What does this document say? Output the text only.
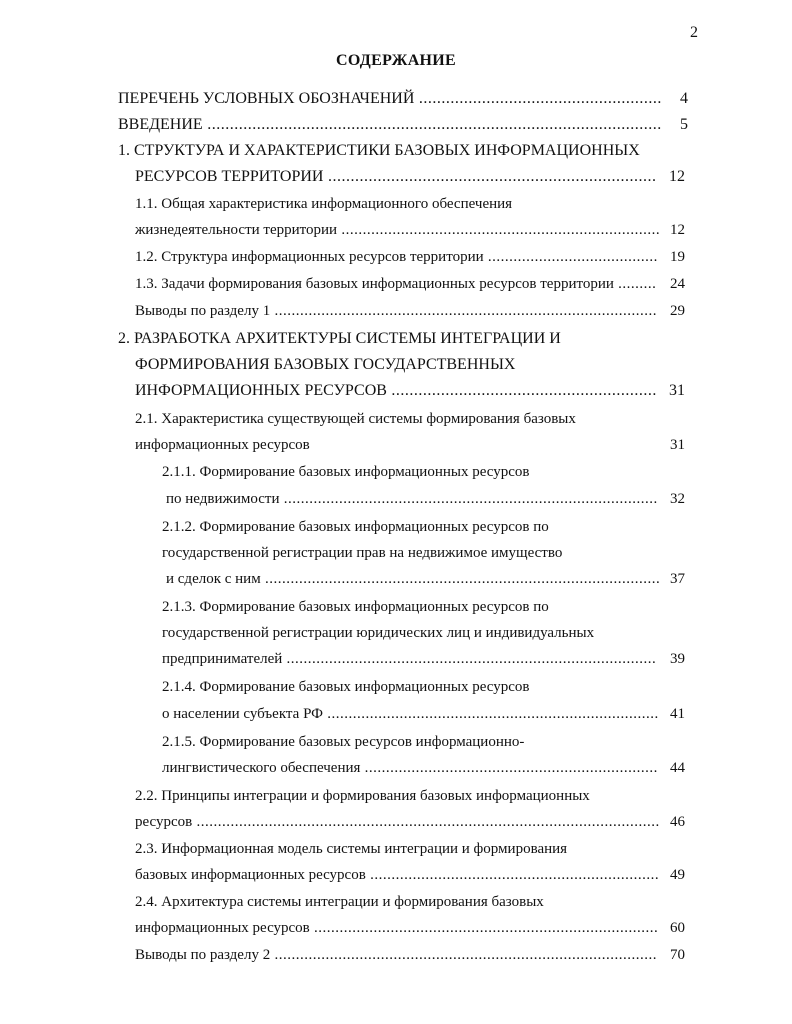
2
СОДЕРЖАНИЕ
ПЕРЕЧЕНЬ УСЛОВНЫХ ОБОЗНАЧЕНИЙ ......................................................	4
ВВЕДЕНИЕ .....................................................................................................	5
1. СТРУКТУРА И ХАРАКТЕРИСТИКИ БАЗОВЫХ ИНФОРМАЦИОННЫХ
РЕСУРСОВ ТЕРРИТОРИИ ......................................................................... 12
1.1. Общая характеристика информационного обеспечения
жизнедеятельности территории ........................................................................... 12
1.2. Структура информационных ресурсов территории ........................................ 19
1.3. Задачи формирования базовых информационных ресурсов территории ......... 24
Выводы по разделу 1 .......................................................................................... 29
2. РАЗРАБОТКА АРХИТЕКТУРЫ СИСТЕМЫ ИНТЕГРАЦИИ И
ФОРМИРОВАНИЯ БАЗОВЫХ ГОСУДАРСТВЕННЫХ
ИНФОРМАЦИОННЫХ РЕСУРСОВ ........................................................... 31
2.1. Характеристика существующей системы формирования базовых
информационных ресурсов	31
2.1.1. Формирование базовых информационных ресурсов
по недвижимости ........................................................................................ 32
2.1.2. Формирование базовых информационных ресурсов по
государственной регистрации прав на недвижимое имущество
и сделок с ним ............................................................................................. 37
2.1.3. Формирование базовых информационных ресурсов по
государственной регистрации юридических лиц и индивидуальных
предпринимателей ....................................................................................... 39
2.1.4. Формирование базовых информационных ресурсов
о населении субъекта РФ .............................................................................. 41
2.1.5. Формирование базовых ресурсов информационно-
лингвистического обеспечения ..................................................................... 44
2.2. Принципы интеграции и формирования базовых информационных
ресурсов ............................................................................................................. 46
2.3. Информационная модель системы интеграции и формирования
базовых информационных ресурсов .................................................................... 49
2.4. Архитектура системы интеграции и формирования базовых
информационных ресурсов ................................................................................. 60
Выводы по разделу 2 .......................................................................................... 70
